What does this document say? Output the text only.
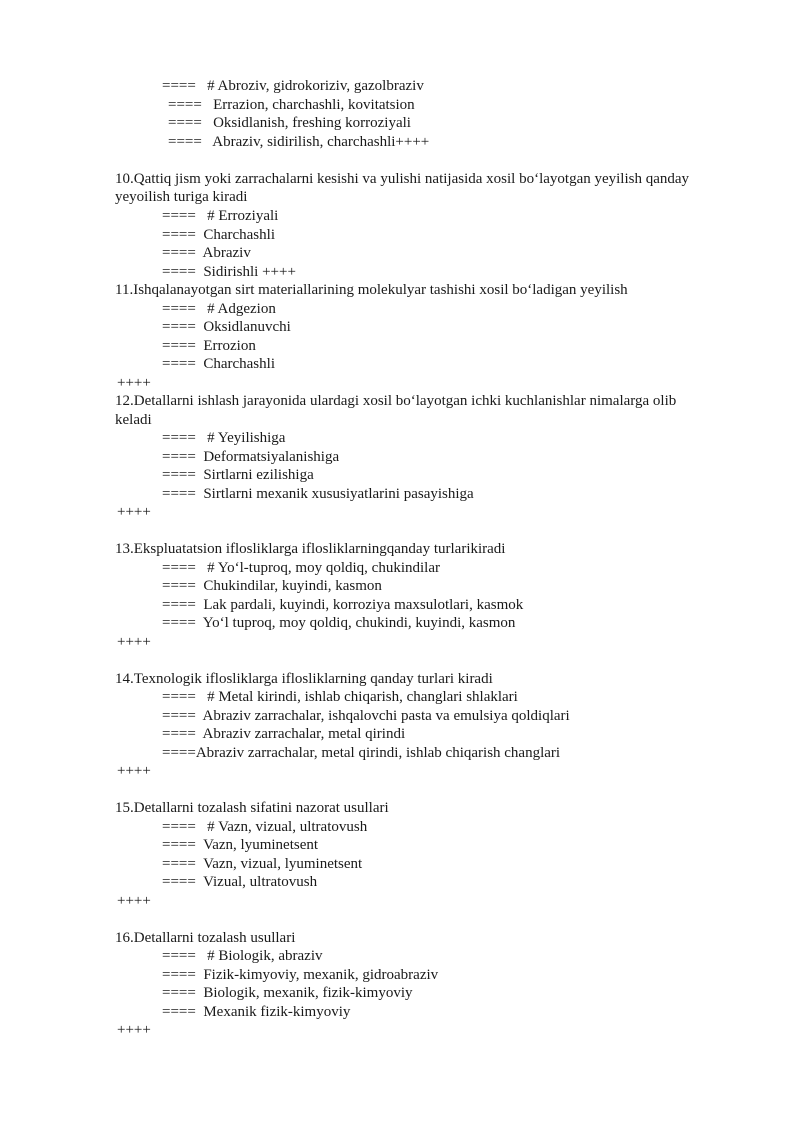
====   # Abroziv, gidrokoriziv, gazolbraziv
====   Errazion, charchashli, kovitatsion
====   Oksidlanish, freshing korroziyali
====   Abraziv, sidirilish, charchashli++++
10.Qattiq jism yoki zarrachalarni kesishi va yulishi natijasida xosil bo‘layotgan yeyilish qanday
yeyoilish turiga kiradi
====   # Erroziyali
====  Charchashli
====  Abraziv
====  Sidirishli ++++
11.Ishqalanayotgan sirt materiallarining molekulyar tashishi xosil bo‘ladigan yeyilish
====   # Adgezion
====  Oksidlanuvchi
====  Errozion
====  Charchashli
++++
12.Detallarni ishlash jarayonida ulardagi xosil bo‘layotgan ichki kuchlanishlar nimalarga olib
keladi
====   # Yeyilishiga
====  Deformatsiyalanishiga
====  Sirtlarni ezilishiga
====  Sirtlarni mexanik xususiyatlarini pasayishiga
++++
13.Ekspluatatsion iflosliklarga iflosliklarningqanday turlarikiradi
====   # Yo‘l-tuproq, moy qoldiq, chukindilar
====  Chukindilar, kuyindi, kasmon
====  Lak pardali, kuyindi, korroziya maxsulotlari, kasmok
====  Yo‘l tuproq, moy qoldiq, chukindi, kuyindi, kasmon
++++
14.Texnologik iflosliklarga iflosliklarning qanday turlari kiradi
====   # Metal kirindi, ishlab chiqarish, changlari shlaklari
====  Abraziv zarrachalar, ishqalovchi pasta va emulsiya qoldiqlari
====  Abraziv zarrachalar, metal qirindi
====Abraziv zarrachalar, metal qirindi, ishlab chiqarish changlari
++++
15.Detallarni tozalash sifatini nazorat usullari
====   # Vazn, vizual, ultratovush
====  Vazn, lyuminetsent
====  Vazn, vizual, lyuminetsent
====  Vizual, ultratovush
++++
16.Detallarni tozalash usullari
====   # Biologik, abraziv
====  Fizik-kimyoviy, mexanik, gidroabraziv
====  Biologik, mexanik, fizik-kimyoviy
====  Mexanik fizik-kimyoviy
++++
